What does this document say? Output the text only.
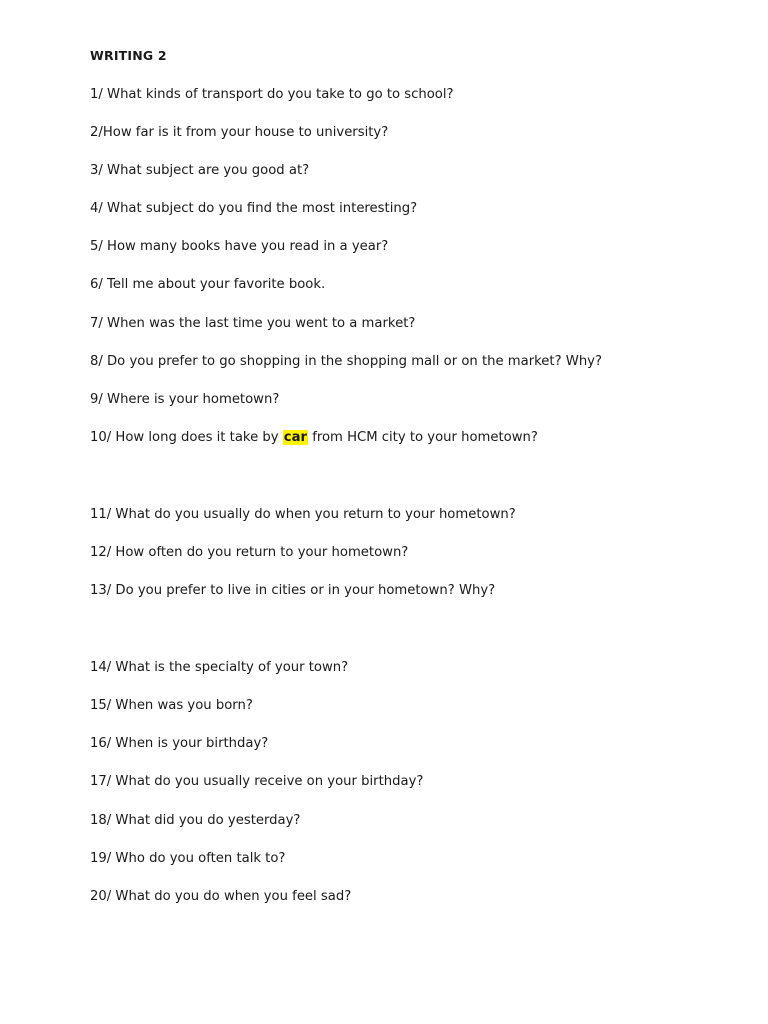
WRITING 2

1/ What kinds of transport do you take to go to school?

2/How far is it from your house to university?

3/ What subject are you good at?

4/ What subject do you find the most interesting?

5/ How many books have you read in a year?

6/ Tell me about your favorite book.

7/ When was the last time you went to a market?

8/ Do you prefer to go shopping in the shopping mall or on the market? Why?

9/ Where is your hometown?

10/ How long does it take by car from HCM city to your hometown?

11/ What do you usually do when you return to your hometown?

12/ How often do you return to your hometown?

13/ Do you prefer to live in cities or in your hometown? Why?

14/ What is the specialty of your town?

15/ When was you born?

16/ When is your birthday?

17/ What do you usually receive on your birthday?

18/ What did you do yesterday?

19/ Who do you often talk to?

20/ What do you do when you feel sad?
